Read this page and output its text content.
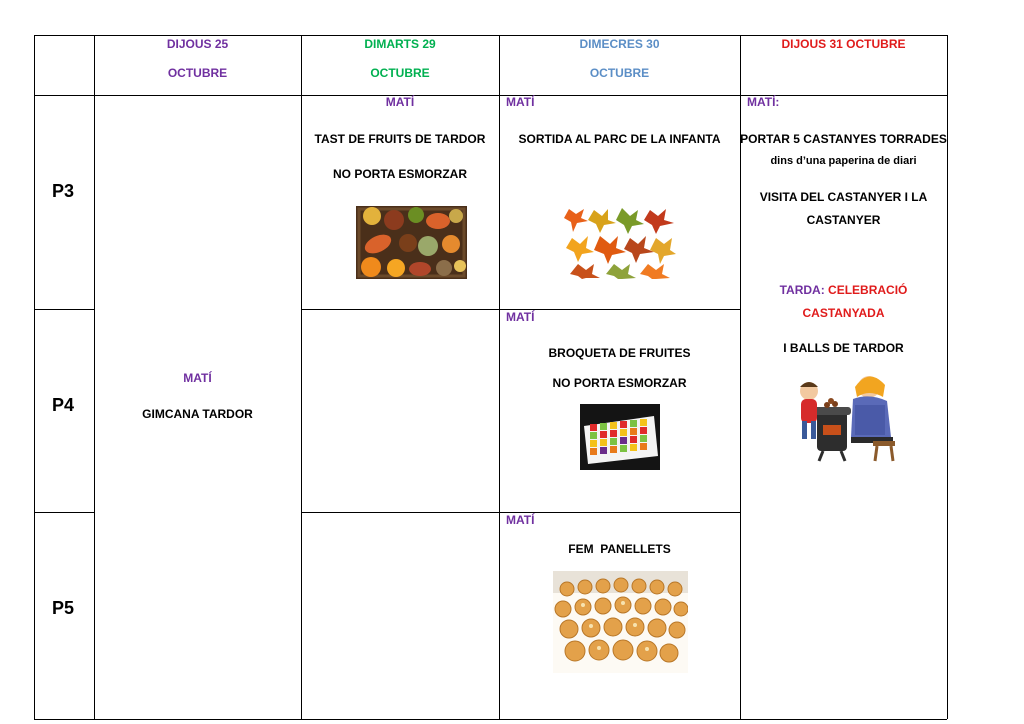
DIJOUS 25
OCTUBRE
DIMARTS 29
OCTUBRE
DIMECRES 30
OCTUBRE
DIJOUS 31 OCTUBRE
P3
P4
P5
MATÍ
GIMCANA TARDOR
MATÍ
TAST DE FRUITS DE TARDOR
NO PORTA ESMORZAR
MATÍ
SORTIDA AL PARC DE LA INFANTA
MATÍ
BROQUETA DE FRUITES
NO PORTA ESMORZAR
MATÍ
FEM  PANELLETS
MATÍ:
PORTAR 5 CASTANYES TORRADES
dins d’una paperina de diari
VISITA DEL CASTANYER I LA
CASTANYER
TARDA: CELEBRACIÓ
CASTANYADA
I BALLS DE TARDOR
